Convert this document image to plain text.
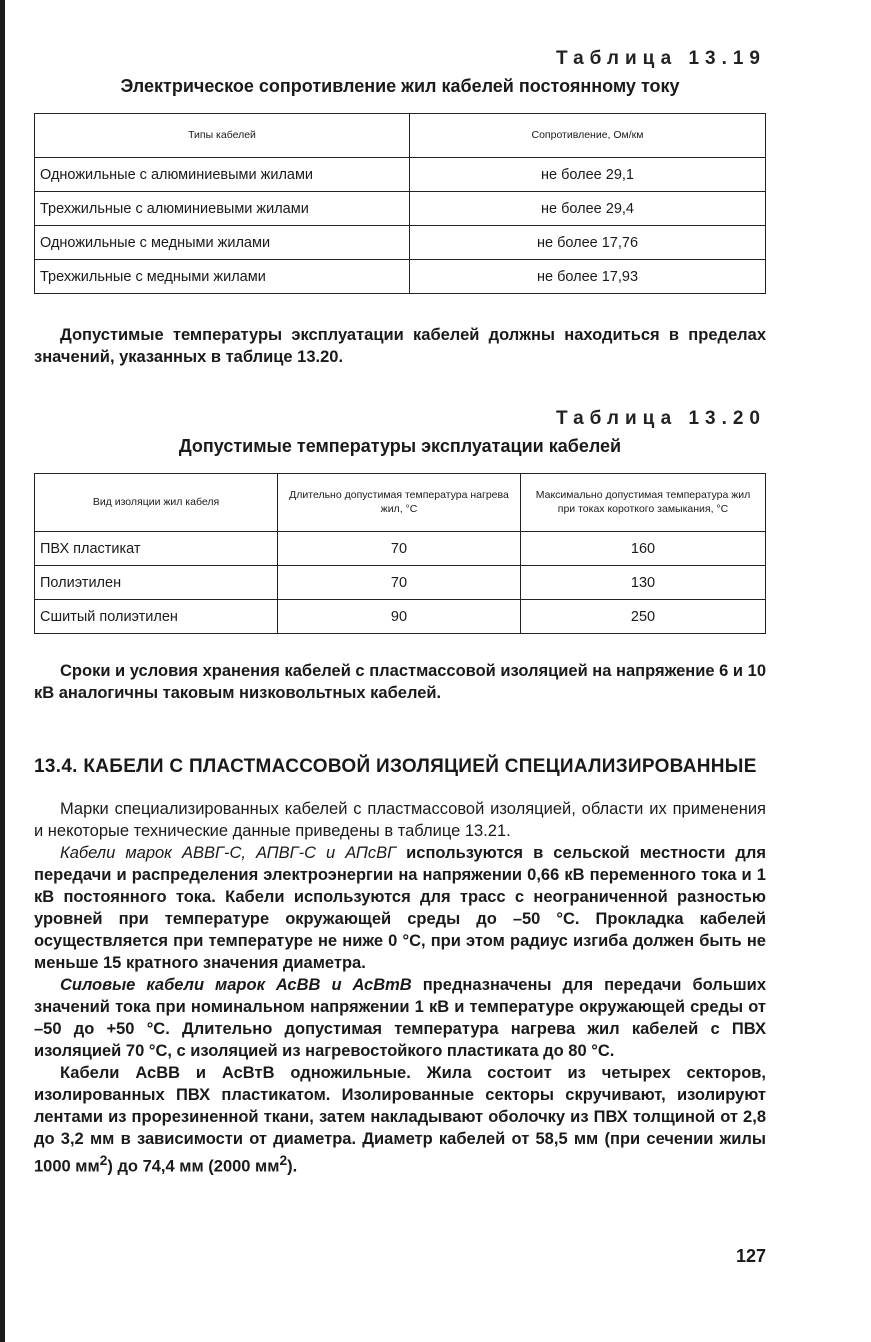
Таблица 13.19
Электрическое сопротивление жил кабелей постоянному току
Типы кабелей	Сопротивление, Ом/км
Одножильные с алюминиевыми жилами	не более 29,1
Трехжильные с алюминиевыми жилами	не более 29,4
Одножильные с медными жилами	не более 17,76
Трехжильные с медными жилами	не более 17,93

Допустимые температуры эксплуатации кабелей должны находиться в пределах значений, указанных в таблице 13.20.

Таблица 13.20
Допустимые температуры эксплуатации кабелей
Вид изоляции жил кабеля	Длительно допустимая температура нагрева жил, °С	Максимально допустимая температура жил при токах короткого замыкания, °С
ПВХ пластикат	70	160
Полиэтилен	70	130
Сшитый полиэтилен	90	250

Сроки и условия хранения кабелей с пластмассовой изоляцией на напряжение 6 и 10 кВ аналогичны таковым низковольтных кабелей.

13.4. КАБЕЛИ С ПЛАСТМАССОВОЙ ИЗОЛЯЦИЕЙ СПЕЦИАЛИЗИРОВАННЫЕ

Марки специализированных кабелей с пластмассовой изоляцией, области их применения и некоторые технические данные приведены в таблице 13.21.

Кабели марок АВВГ-С, АПВГ-С и АПсВГ используются в сельской местности для передачи и распределения электроэнергии на напряжении 0,66 кВ переменного тока и 1 кВ постоянного тока. Кабели используются для трасс с неограниченной разностью уровней при температуре окружающей среды до –50 °С. Прокладка кабелей осуществляется при температуре не ниже 0 °С, при этом радиус изгиба должен быть не меньше 15 кратного значения диаметра.

Силовые кабели марок АсВВ и АсВтВ предназначены для передачи больших значений тока при номинальном напряжении 1 кВ и температуре окружающей среды от –50 до +50 °С. Длительно допустимая температура нагрева жил кабелей с ПВХ изоляцией 70 °С, с изоляцией из нагревостойкого пластиката до 80 °С.

Кабели АсВВ и АсВтВ одножильные. Жила состоит из четырех секторов, изолированных ПВХ пластикатом. Изолированные секторы скручивают, изолируют лентами из прорезиненной ткани, затем накладывают оболочку из ПВХ толщиной от 2,8 до 3,2 мм в зависимости от диаметра. Диаметр кабелей от 58,5 мм (при сечении жилы 1000 $мм^2$) до 74,4 мм (2000 $мм^2$).

127
